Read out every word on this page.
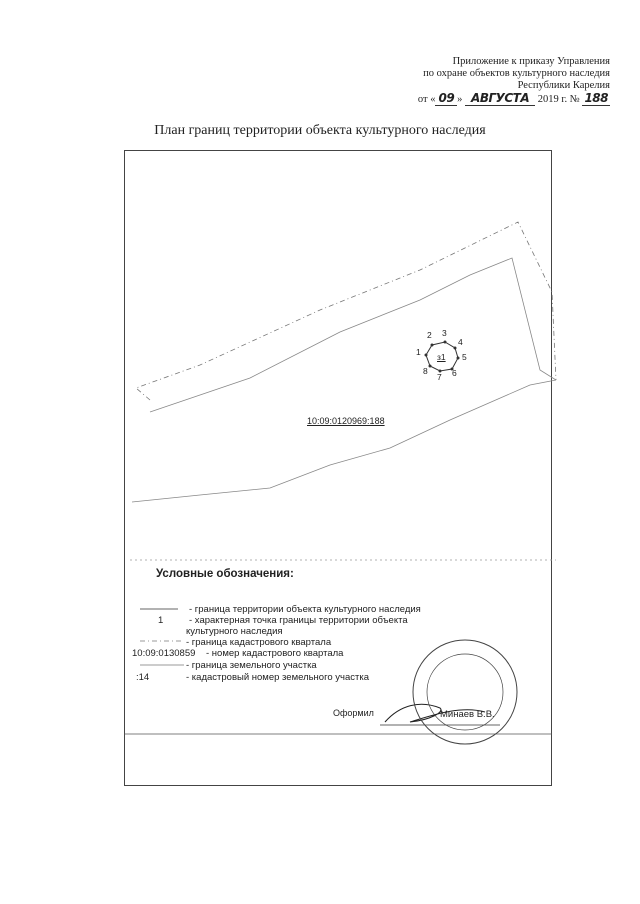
Приложение к приказу Управления
по охране объектов культурного наследия
Республики Карелия
от « 09 » АВГУСТА 2019 г. № 188
План границ территории объекта культурного наследия
1
2 3
4
5
6
7
8
з1
10:09:0120969:188
Условные обозначения:
- граница территории объекта культурного наследия
1	- характерная точка границы территории объекта
культурного наследия
- граница кадастрового квартала
10:09:0130859 - номер кадастрового квартала
- граница земельного участка
:14	- кадастровый номер земельного участка
Оформил	Минаев В.В.
